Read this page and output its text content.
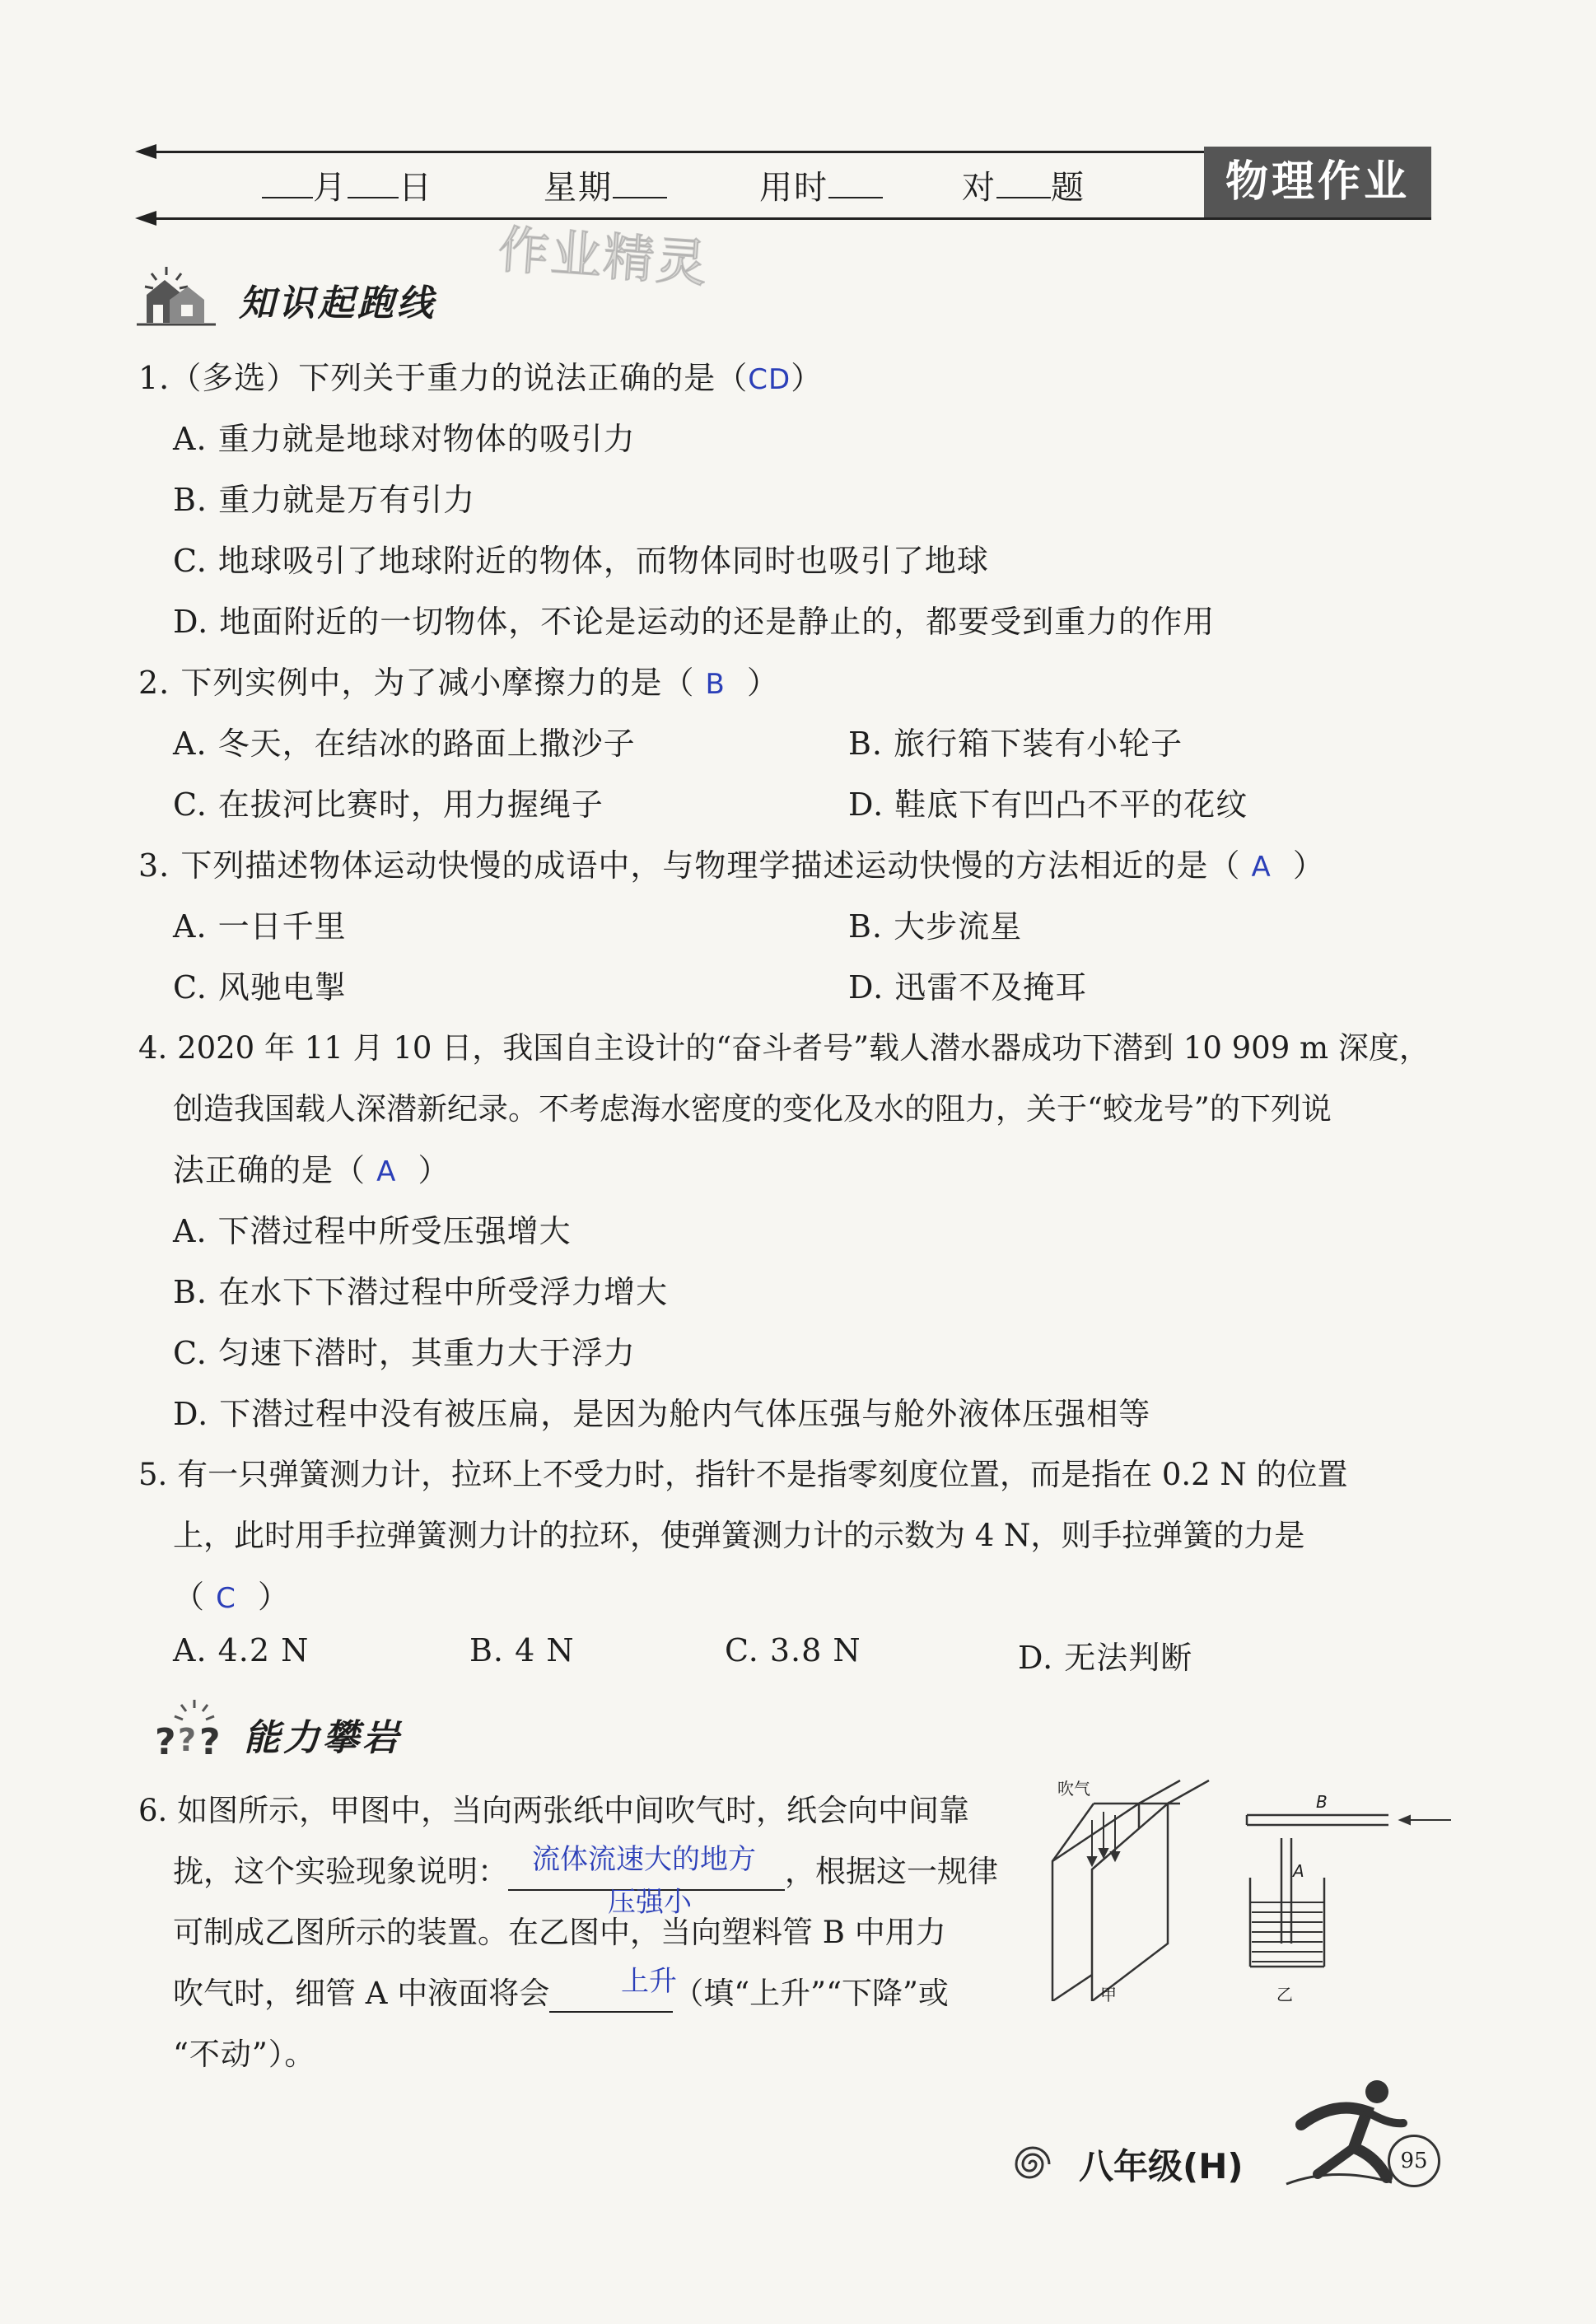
月 日	星期	用时	对 题	物理作业
作业精灵
知识起跑线
1.（多选）下列关于重力的说法正确的是（CD）
A. 重力就是地球对物体的吸引力
B. 重力就是万有引力
C. 地球吸引了地球附近的物体，而物体同时也吸引了地球
D. 地面附近的一切物体，不论是运动的还是静止的，都要受到重力的作用
2. 下列实例中，为了减小摩擦力的是（ B ）
A. 冬天，在结冰的路面上撒沙子	B. 旅行箱下装有小轮子
C. 在拔河比赛时，用力握绳子	D. 鞋底下有凹凸不平的花纹
3. 下列描述物体运动快慢的成语中，与物理学描述运动快慢的方法相近的是（ A ）
A. 一日千里	B. 大步流星
C. 风驰电掣	D. 迅雷不及掩耳
4. 2020 年 11 月 10 日，我国自主设计的“奋斗者号”载人潜水器成功下潜到 10 909 m 深度，
创造我国载人深潜新纪录。不考虑海水密度的变化及水的阻力，关于“蛟龙号”的下列说
法正确的是（ A ）
A. 下潜过程中所受压强增大
B. 在水下下潜过程中所受浮力增大
C. 匀速下潜时，其重力大于浮力
D. 下潜过程中没有被压扁，是因为舱内气体压强与舱外液体压强相等
5. 有一只弹簧测力计，拉环上不受力时，指针不是指零刻度位置，而是指在 0.2 N 的位置
上，此时用手拉弹簧测力计的拉环，使弹簧测力计的示数为 4 N，则手拉弹簧的力是
（ C ）
A. 4.2 N	B. 4 N	C. 3.8 N	D. 无法判断
? ? ? 能力攀岩
6. 如图所示，甲图中，当向两张纸中间吹气时，纸会向中间靠
拢，这个实验现象说明：	，根据这一规律
可制成乙图所示的装置。在乙图中，当向塑料管 B 中用力
吹气时，细管 A 中液面将会	（填“上升”“下降”或
“不动”）。
流体流速大的地方
压强小
上升
吹气
B
A
甲	乙
八年级(H)	95
